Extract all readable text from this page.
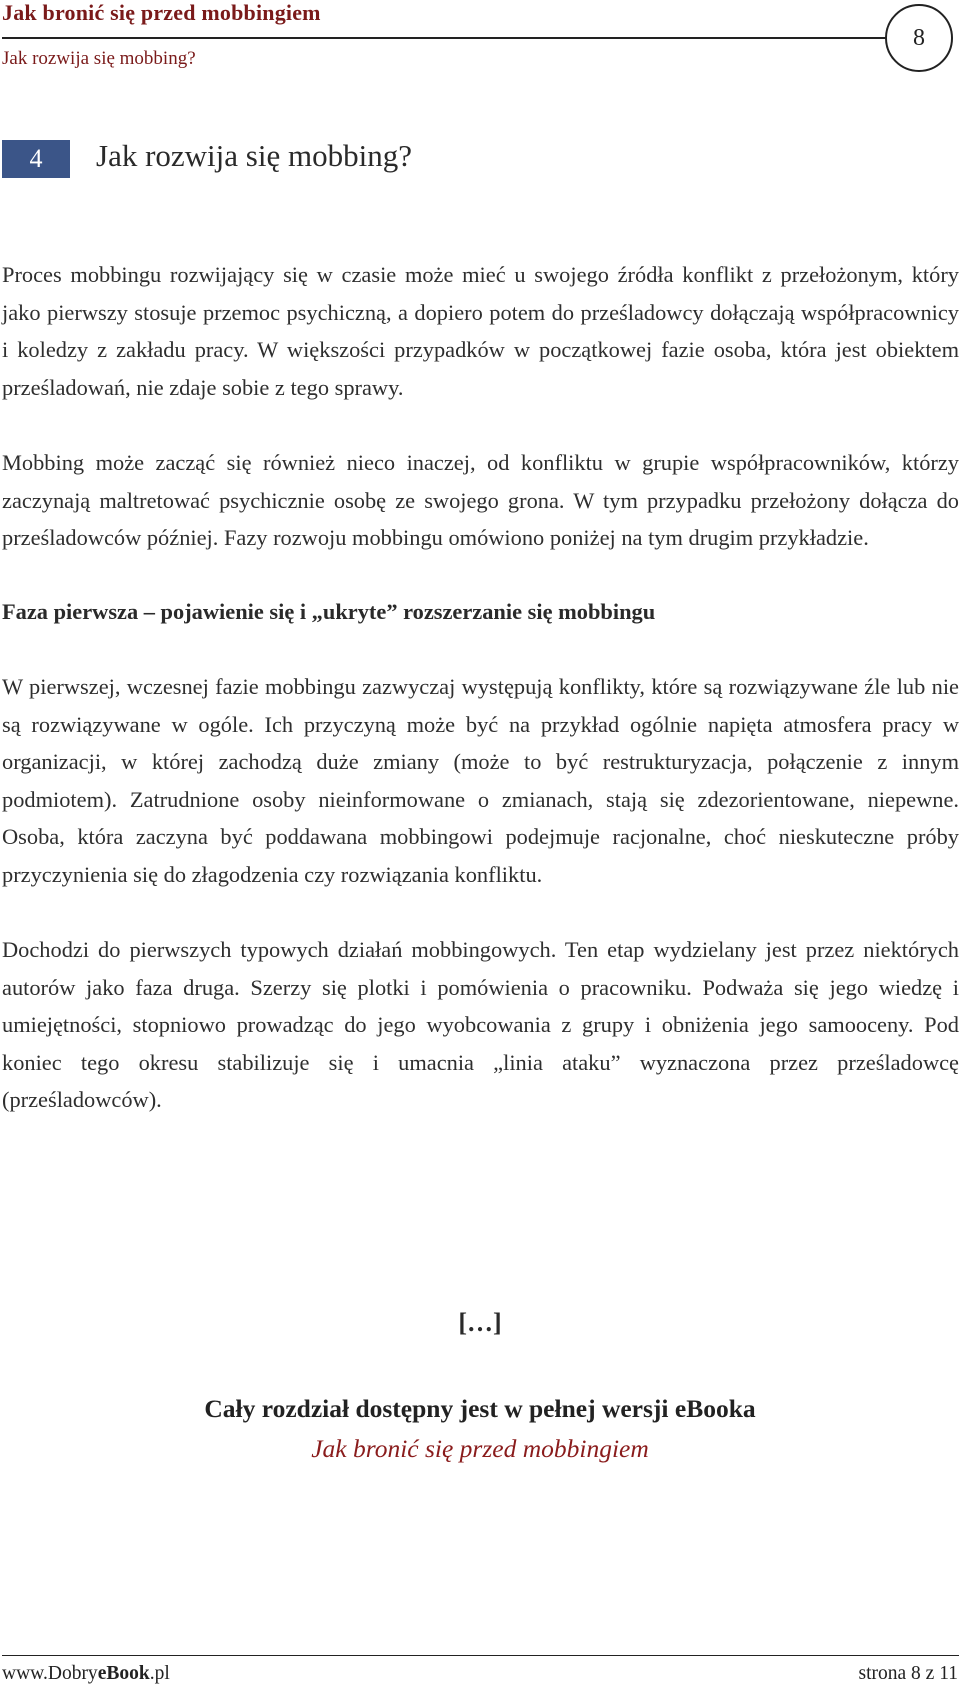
Jak bronić się przed mobbingiem
Jak rozwija się mobbing?
8
4	Jak rozwija się mobbing?

Proces mobbingu rozwijający się w czasie może mieć u swojego źródła konflikt z przełożonym, który jako pierwszy stosuje przemoc psychiczną, a dopiero potem do prześladowcy dołączają współpracownicy i koledzy z zakładu pracy. W większości przypadków w początkowej fazie osoba, która jest obiektem prześladowań, nie zdaje sobie z tego sprawy.

Mobbing może zacząć się również nieco inaczej, od konfliktu w grupie współpracowników, którzy zaczynają maltretować psychicznie osobę ze swojego grona. W tym przypadku przełożony dołącza do prześladowców później. Fazy rozwoju mobbingu omówiono poniżej na tym drugim przykładzie.

Faza pierwsza – pojawienie się i „ukryte” rozszerzanie się mobbingu

W pierwszej, wczesnej fazie mobbingu zazwyczaj występują konflikty, które są rozwiązywane źle lub nie są rozwiązywane w ogóle. Ich przyczyną może być na przykład ogólnie napięta atmosfera pracy w organizacji, w której zachodzą duże zmiany (może to być restrukturyzacja, połączenie z innym podmiotem). Zatrudnione osoby nieinformowane o zmianach, stają się zdezorientowane, niepewne. Osoba, która zaczyna być poddawana mobbingowi podejmuje racjonalne, choć nieskuteczne próby przyczynienia się do złagodzenia czy rozwiązania konfliktu.

Dochodzi do pierwszych typowych działań mobbingowych. Ten etap wydzielany jest przez niektórych autorów jako faza druga. Szerzy się plotki i pomówienia o pracowniku. Podważa się jego wiedzę i umiejętności, stopniowo prowadząc do jego wyobcowania z grupy i obniżenia jego samooceny. Pod koniec tego okresu stabilizuje się i umacnia „linia ataku” wyznaczona przez prześladowcę (prześladowców).

[…]
Cały rozdział dostępny jest w pełnej wersji eBooka
Jak bronić się przed mobbingiem
www.DobryeBook.pl	strona 8 z 11
